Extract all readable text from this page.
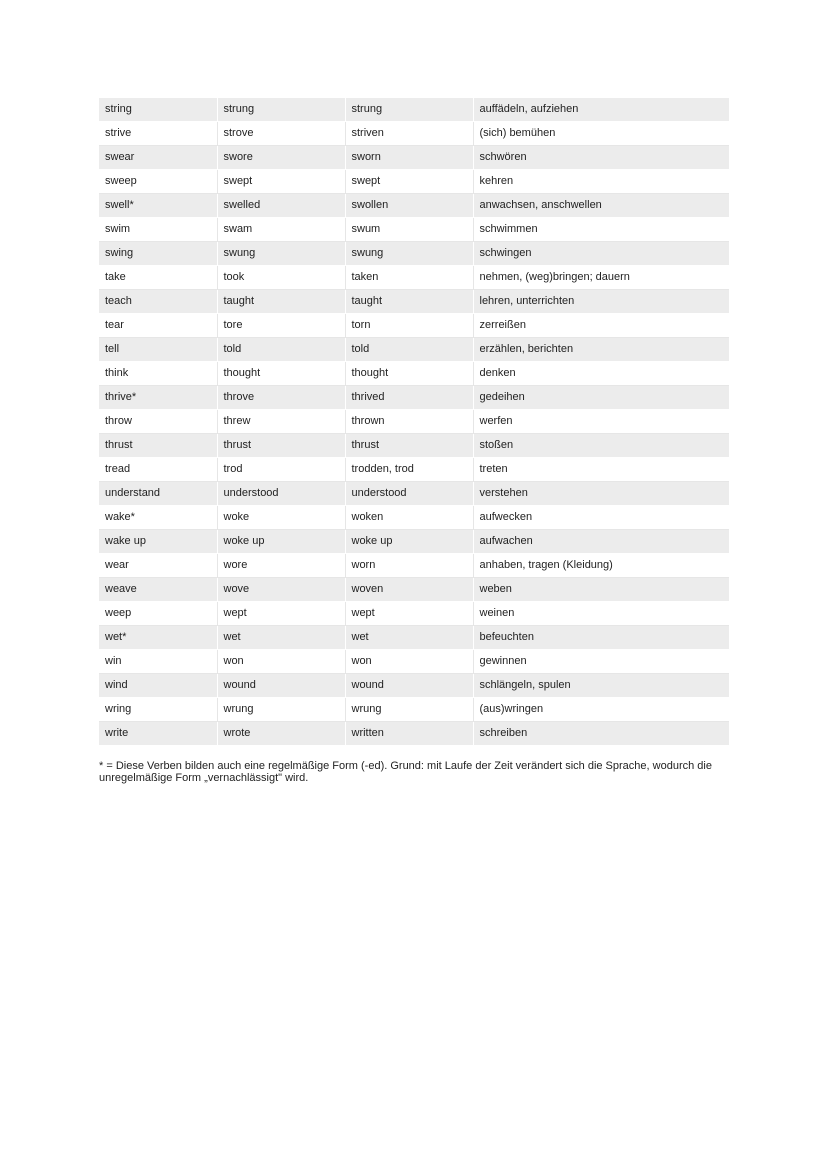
string	strung	strung	auffädeln, aufziehen
strive	strove	striven	(sich) bemühen
swear	swore	sworn	schwören
sweep	swept	swept	kehren
swell*	swelled	swollen	anwachsen, anschwellen
swim	swam	swum	schwimmen
swing	swung	swung	schwingen
take	took	taken	nehmen, (weg)bringen; dauern
teach	taught	taught	lehren, unterrichten
tear	tore	torn	zerreißen
tell	told	told	erzählen, berichten
think	thought	thought	denken
thrive*	throve	thrived	gedeihen
throw	threw	thrown	werfen
thrust	thrust	thrust	stoßen
tread	trod	trodden, trod	treten
understand	understood	understood	verstehen
wake*	woke	woken	aufwecken
wake up	woke up	woke up	aufwachen
wear	wore	worn	anhaben, tragen (Kleidung)
weave	wove	woven	weben
weep	wept	wept	weinen
wet*	wet	wet	befeuchten
win	won	won	gewinnen
wind	wound	wound	schlängeln, spulen
wring	wrung	wrung	(aus)wringen
write	wrote	written	schreiben
* = Diese Verben bilden auch eine regelmäßige Form (-ed). Grund: mit Laufe der Zeit verändert sich die Sprache, wodurch die
unregelmäßige Form „vernachlässigt" wird.
